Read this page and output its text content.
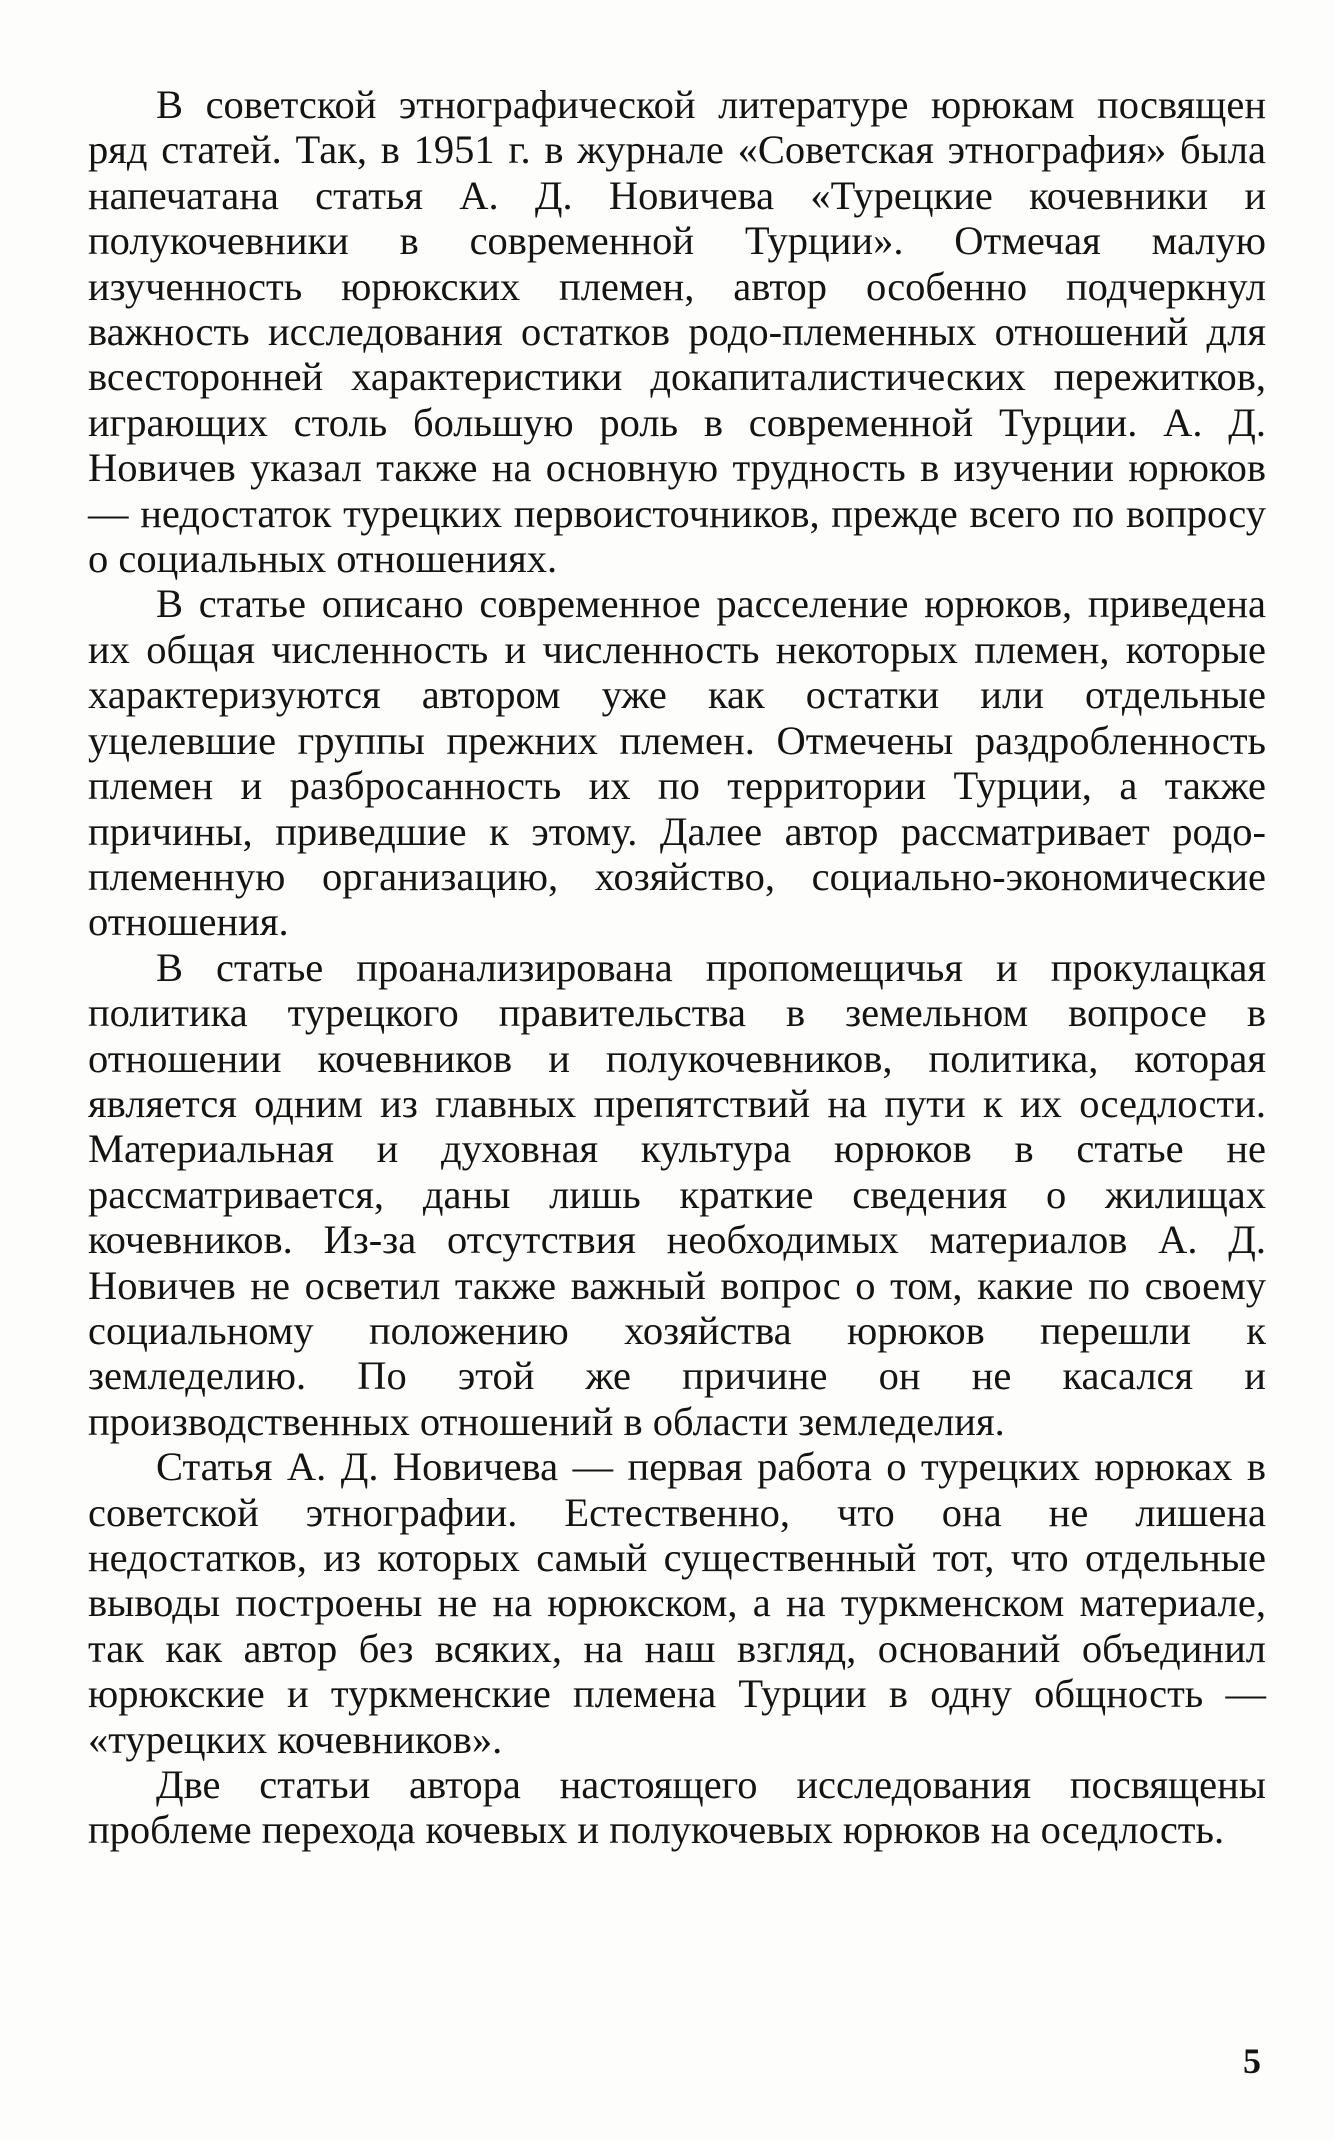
В советской этнографической литературе юрюкам посвящен ряд статей. Так, в 1951 г. в журнале «Советская этнография» была напечатана статья А. Д. Новичева «Турецкие кочевники и полукочевники в современной Турции». Отмечая малую изученность юрюкских племен, автор особенно подчеркнул важность исследования остатков родо-племенных отношений для всесторонней характеристики докапиталистических пережитков, играющих столь большую роль в современной Турции. А. Д. Новичев указал также на основную трудность в изучении юрюков — недостаток турецких первоисточников, прежде всего по вопросу о социальных отношениях.

В статье описано современное расселение юрюков, приведена их общая численность и численность некоторых племен, которые характеризуются автором уже как остатки или отдельные уцелевшие группы прежних племен. Отмечены раздробленность племен и разбросанность их по территории Турции, а также причины, приведшие к этому. Далее автор рассматривает родо-племенную организацию, хозяйство, социально-экономические отношения.

В статье проанализирована пропомещичья и прокулацкая политика турецкого правительства в земельном вопросе в отношении кочевников и полукочевников, политика, которая является одним из главных препятствий на пути к их оседлости. Материальная и духовная культура юрюков в статье не рассматривается, даны лишь краткие сведения о жилищах кочевников. Из-за отсутствия необходимых материалов А. Д. Новичев не осветил также важный вопрос о том, какие по своему социальному положению хозяйства юрюков перешли к земледелию. По этой же причине он не касался и производственных отношений в области земледелия.

Статья А. Д. Новичева — первая работа о турецких юрюках в советской этнографии. Естественно, что она не лишена недостатков, из которых самый существенный тот, что отдельные выводы построены не на юрюкском, а на туркменском материале, так как автор без всяких, на наш взгляд, оснований объединил юрюкские и туркменские племена Турции в одну общность — «турецких кочевников».

Две статьи автора настоящего исследования посвящены проблеме перехода кочевых и полукочевых юрюков на оседлость.

5
